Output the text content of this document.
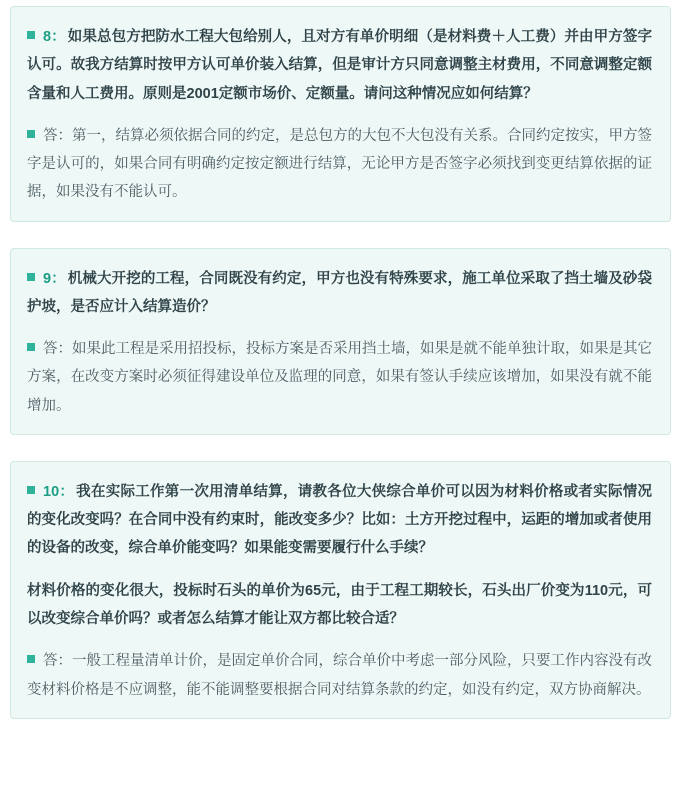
8： 如果总包方把防水工程大包给别人，且对方有单价明细（是材料费＋人工费）并由甲方签字认可。故我方结算时按甲方认可单价装入结算，但是审计方只同意调整主材费用，不同意调整定额含量和人工费用。原则是2001定额市场价、定额量。请问这种情况应如何结算？

答：第一，结算必须依据合同的约定，是总包方的大包不大包没有关系。合同约定按实，甲方签字是认可的，如果合同有明确约定按定额进行结算，无论甲方是否签字必须找到变更结算依据的证据，如果没有不能认可。

9： 机械大开挖的工程，合同既没有约定，甲方也没有特殊要求，施工单位采取了挡土墙及砂袋护坡，是否应计入结算造价？

答：如果此工程是采用招投标，投标方案是否采用挡土墙，如果是就不能单独计取，如果是其它方案，在改变方案时必须征得建设单位及监理的同意，如果有签认手续应该增加，如果没有就不能增加。

10： 我在实际工作第一次用清单结算，请教各位大侠综合单价可以因为材料价格或者实际情况的变化改变吗？在合同中没有约束时，能改变多少？比如：土方开挖过程中，运距的增加或者使用的设备的改变，综合单价能变吗？如果能变需要履行什么手续？

材料价格的变化很大，投标时石头的单价为65元，由于工程工期较长，石头出厂价变为110元，可以改变综合单价吗？或者怎么结算才能让双方都比较合适？

答：一般工程量清单计价，是固定单价合同，综合单价中考虑一部分风险，只要工作内容没有改变材料价格是不应调整，能不能调整要根据合同对结算条款的约定，如没有约定，双方协商解决。
